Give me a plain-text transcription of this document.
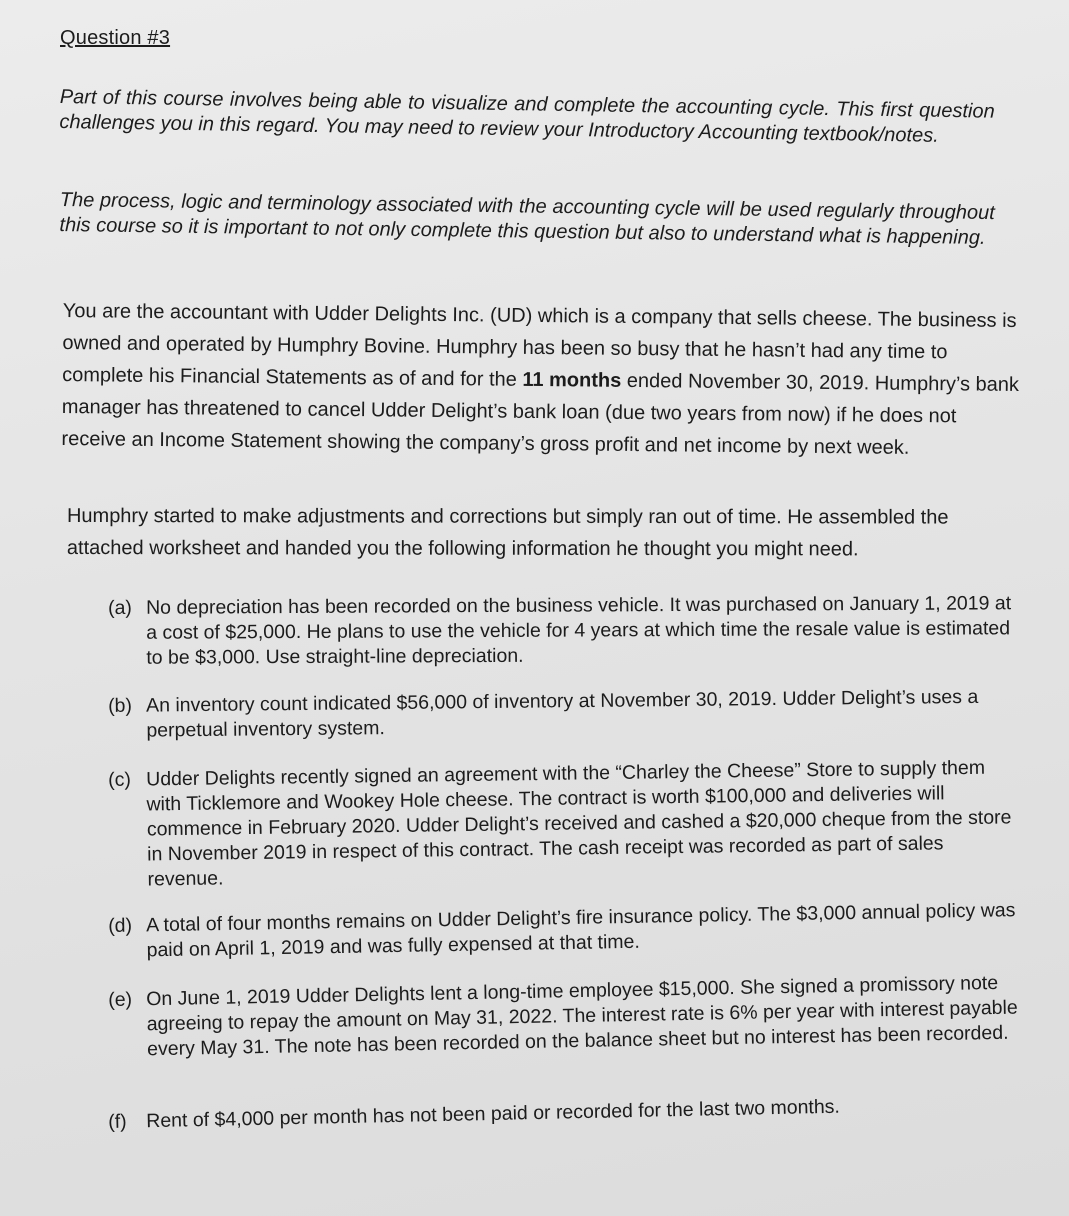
Question #3
Part of this course involves being able to visualize and complete the accounting cycle. This first question challenges you in this regard. You may need to review your Introductory Accounting textbook/notes.
The process, logic and terminology associated with the accounting cycle will be used regularly throughout this course so it is important to not only complete this question but also to understand what is happening.
You are the accountant with Udder Delights Inc. (UD) which is a company that sells cheese. The business is owned and operated by Humphry Bovine. Humphry has been so busy that he hasn’t had any time to complete his Financial Statements as of and for the 11 months ended November 30, 2019. Humphry’s bank manager has threatened to cancel Udder Delight’s bank loan (due two years from now) if he does not receive an Income Statement showing the company’s gross profit and net income by next week.
Humphry started to make adjustments and corrections but simply ran out of time. He assembled the attached worksheet and handed you the following information he thought you might need.
(a) No depreciation has been recorded on the business vehicle. It was purchased on January 1, 2019 at a cost of $25,000. He plans to use the vehicle for 4 years at which time the resale value is estimated to be $3,000. Use straight-line depreciation.
(b) An inventory count indicated $56,000 of inventory at November 30, 2019. Udder Delight’s uses a perpetual inventory system.
(c) Udder Delights recently signed an agreement with the “Charley the Cheese” Store to supply them with Ticklemore and Wookey Hole cheese. The contract is worth $100,000 and deliveries will commence in February 2020. Udder Delight’s received and cashed a $20,000 cheque from the store in November 2019 in respect of this contract. The cash receipt was recorded as part of sales revenue.
(d) A total of four months remains on Udder Delight’s fire insurance policy. The $3,000 annual policy was paid on April 1, 2019 and was fully expensed at that time.
(e) On June 1, 2019 Udder Delights lent a long-time employee $15,000. She signed a promissory note agreeing to repay the amount on May 31, 2022. The interest rate is 6% per year with interest payable every May 31. The note has been recorded on the balance sheet but no interest has been recorded.
(f) Rent of $4,000 per month has not been paid or recorded for the last two months.
